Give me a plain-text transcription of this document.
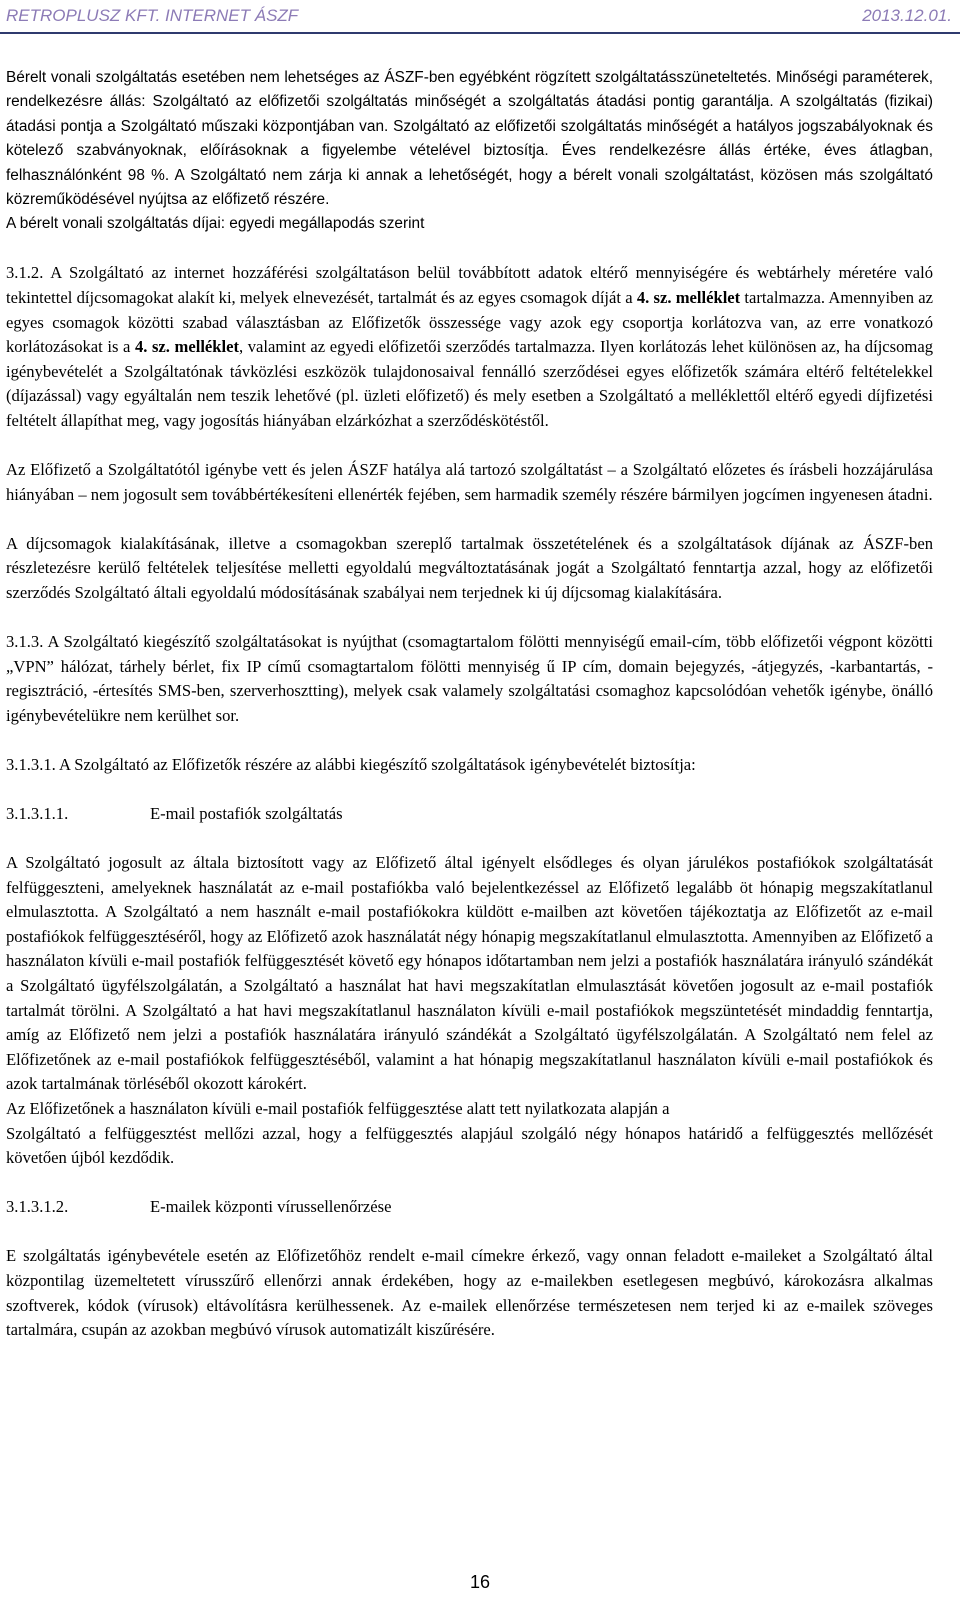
RETROPLUSZ KFT. INTERNET ÁSZF	2013.12.01.

Bérelt vonali szolgáltatás esetében nem lehetséges az ÁSZF-ben egyébként rögzített szolgáltatásszüneteltetés. Minőségi paraméterek, rendelkezésre állás: Szolgáltató az előfizetői szolgáltatás minőségét a szolgáltatás átadási pontig garantálja. A szolgáltatás (fizikai) átadási pontja a Szolgáltató műszaki központjában van. Szolgáltató az előfizetői szolgáltatás minőségét a hatályos jogszabályoknak és kötelező szabványoknak, előírásoknak a figyelembe vételével biztosítja. Éves rendelkezésre állás értéke, éves átlagban, felhasználónként 98 %. A Szolgáltató nem zárja ki annak a lehetőségét, hogy a bérelt vonali szolgáltatást, közösen más szolgáltató közreműködésével nyújtsa az előfizető részére.

A bérelt vonali szolgáltatás díjai: egyedi megállapodás szerint

3.1.2. A Szolgáltató az internet hozzáférési szolgáltatáson belül továbbított adatok eltérő mennyiségére és webtárhely méretére való tekintettel díjcsomagokat alakít ki, melyek elnevezését, tartalmát és az egyes csomagok díját a 4. sz. melléklet tartalmazza. Amennyiben az egyes csomagok közötti szabad választásban az Előfizetők összessége vagy azok egy csoportja korlátozva van, az erre vonatkozó korlátozásokat is a 4. sz. melléklet, valamint az egyedi előfizetői szerződés tartalmazza. Ilyen korlátozás lehet különösen az, ha díjcsomag igénybevételét a Szolgáltatónak távközlési eszközök tulajdonosaival fennálló szerződései egyes előfizetők számára eltérő feltételekkel (díjazással) vagy egyáltalán nem teszik lehetővé (pl. üzleti előfizető) és mely esetben a Szolgáltató a melléklettől eltérő egyedi díjfizetési feltételt állapíthat meg, vagy jogosítás hiányában elzárkózhat a szerződéskötéstől.

Az Előfizető a Szolgáltatótól igénybe vett és jelen ÁSZF hatálya alá tartozó szolgáltatást – a Szolgáltató előzetes és írásbeli hozzájárulása hiányában – nem jogosult sem továbbértékesíteni ellenérték fejében, sem harmadik személy részére bármilyen jogcímen ingyenesen átadni.

A díjcsomagok kialakításának, illetve a csomagokban szereplő tartalmak összetételének és a szolgáltatások díjának az ÁSZF-ben részletezésre kerülő feltételek teljesítése melletti egyoldalú megváltoztatásának jogát a Szolgáltató fenntartja azzal, hogy az előfizetői szerződés Szolgáltató általi egyoldalú módosításának szabályai nem terjednek ki új díjcsomag kialakítására.

3.1.3. A Szolgáltató kiegészítő szolgáltatásokat is nyújthat (csomagtartalom fölötti mennyiségű email-cím, több előfizetői végpont közötti „VPN” hálózat, tárhely bérlet, fix IP című csomagtartalom fölötti mennyiség ű IP cím, domain bejegyzés, -átjegyzés, -karbantartás, -regisztráció, -értesítés SMS-ben, szerverhosztting), melyek csak valamely szolgáltatási csomaghoz kapcsolódóan vehetők igénybe, önálló igénybevételükre nem kerülhet sor.

3.1.3.1. A Szolgáltató az Előfizetők részére az alábbi kiegészítő szolgáltatások igénybevételét biztosítja:

3.1.3.1.1.	E-mail postafiók szolgáltatás

A Szolgáltató jogosult az általa biztosított vagy az Előfizető által igényelt elsődleges és olyan járulékos postafiókok szolgáltatását felfüggeszteni, amelyeknek használatát az e-mail postafiókba való bejelentkezéssel az Előfizető legalább öt hónapig megszakítatlanul elmulasztotta. A Szolgáltató a nem használt e-mail postafiókokra küldött e-mailben azt követően tájékoztatja az Előfizetőt az e-mail postafiókok felfüggesztéséről, hogy az Előfizető azok használatát négy hónapig megszakítatlanul elmulasztotta. Amennyiben az Előfizető a használaton kívüli e-mail postafiók felfüggesztését követő egy hónapos időtartamban nem jelzi a postafiók használatára irányuló szándékát a Szolgáltató ügyfélszolgálatán, a Szolgáltató a használat hat havi megszakítatlan elmulasztását követően jogosult az e-mail postafiók tartalmát törölni. A Szolgáltató a hat havi megszakítatlanul használaton kívüli e-mail postafiókok megszüntetését mindaddig fenntartja, amíg az Előfizető nem jelzi a postafiók használatára irányuló szándékát a Szolgáltató ügyfélszolgálatán. A Szolgáltató nem felel az Előfizetőnek az e-mail postafiókok felfüggesztéséből, valamint a hat hónapig megszakítatlanul használaton kívüli e-mail postafiókok és azok tartalmának törléséből okozott károkért.

Az Előfizetőnek a használaton kívüli e-mail postafiók felfüggesztése alatt tett nyilatkozata alapján a

Szolgáltató a felfüggesztést mellőzi azzal, hogy a felfüggesztés alapjául szolgáló négy hónapos határidő a felfüggesztés mellőzését követően újból kezdődik.

3.1.3.1.2.	E-mailek központi vírussellenőrzése

E szolgáltatás igénybevétele esetén az Előfizetőhöz rendelt e-mail címekre érkező, vagy onnan feladott e-maileket a Szolgáltató által központilag üzemeltetett vírusszűrő ellenőrzi annak érdekében, hogy az e-mailekben esetlegesen megbúvó, károkozásra alkalmas szoftverek, kódok (vírusok) eltávolításra kerülhessenek. Az e-mailek ellenőrzése természetesen nem terjed ki az e-mailek szöveges tartalmára, csupán az azokban megbúvó vírusok automatizált kiszűrésére.

16
